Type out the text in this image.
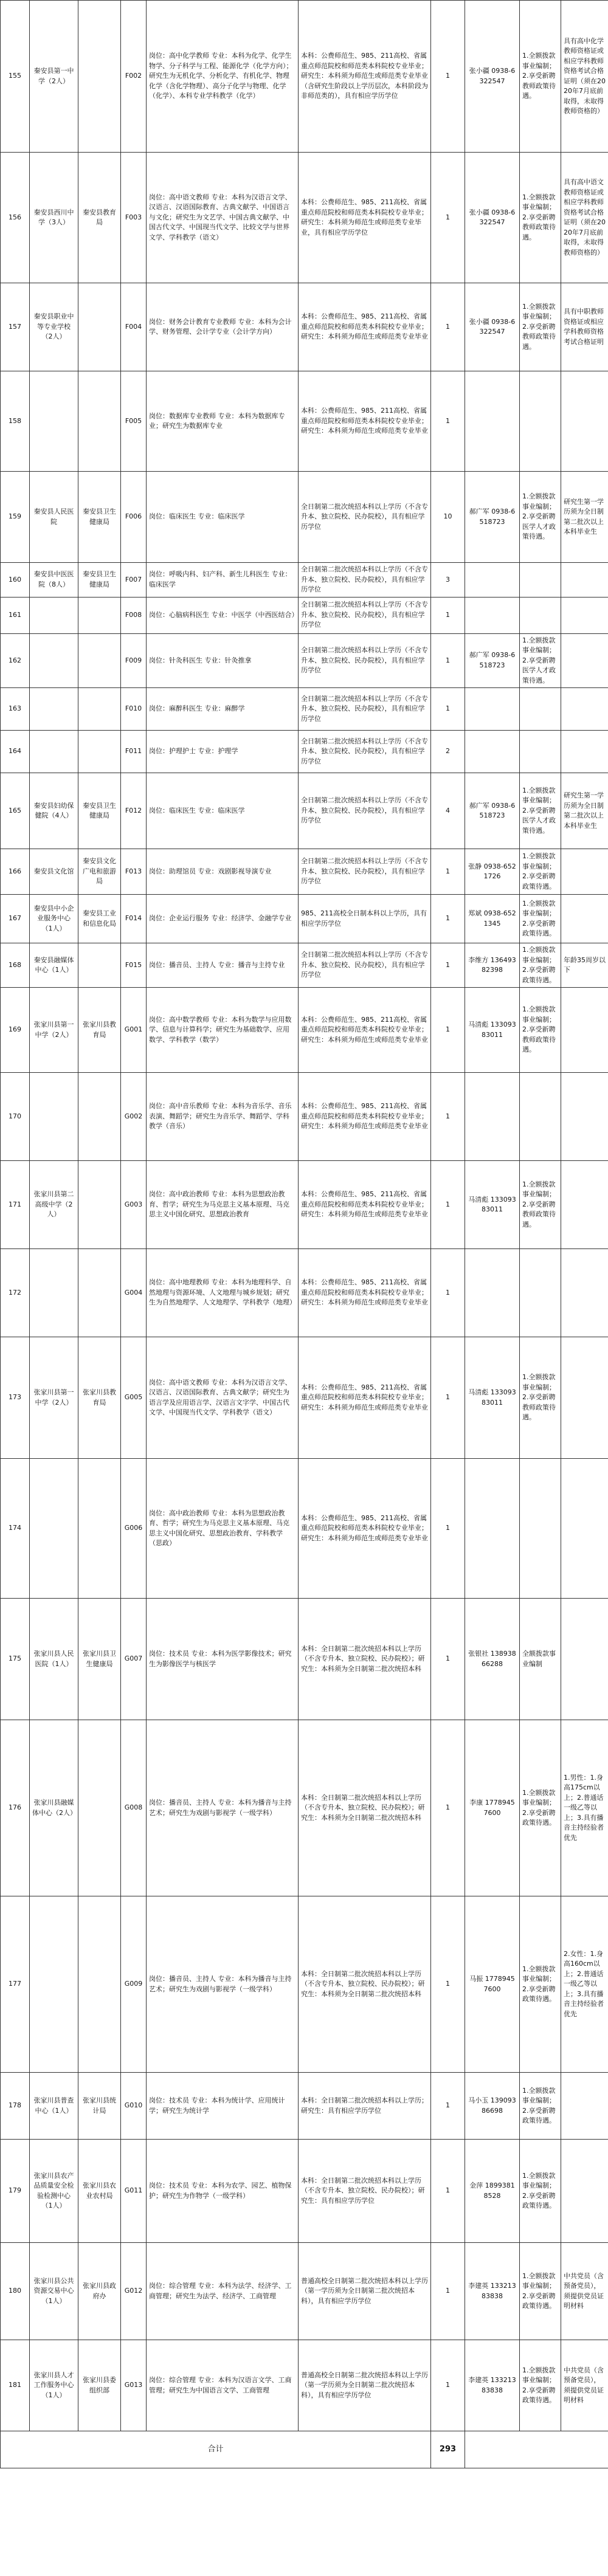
155	秦安县第一中学（2人）		F002	岗位：高中化学教师 专业：本科为化学、化学生物学、分子科学与工程、能源化学（化学方向）；研究生为无机化学、分析化学、有机化学、物理化学（含化学物理）、高分子化学与物理、化学（化学）、本科专业学科教学（化学）	本科：公费师范生、985、211高校、省属重点师范院校和师范类本科院校专业毕业；研究生：本科须为师范生或师范类专业毕业（含研究生阶段以上学历层次，本科阶段为非师范类的），具有相应学历学位	1	张小疆 0938-6322547	1.全额拨款事业编制； 2.享受新聘教师政策待遇。	具有高中化学教师资格证或相应学科教师资格考试合格证明（须在2020年7月底前取得，未取得教师资格的）
156	秦安县西川中学（3人）	秦安县教育局	F003	岗位：高中语文教师 专业：本科为汉语言文学、汉语言、汉语国际教育、古典文献学、中国语言与文化；研究生为文艺学、中国古典文献学、中国古代文学、中国现当代文学、比较文学与世界文学、学科教学（语文）	本科：公费师范生、985、211高校、省属重点师范院校和师范类本科院校专业毕业；研究生：本科须为师范生或师范类专业毕业，具有相应学历学位	1	张小疆 0938-6322547	1.全额拨款事业编制； 2.享受新聘教师政策待遇。	具有高中语文教师资格证或相应学科教师资格考试合格证明（须在2020年7月底前取得，未取得教师资格的）
157	秦安县职业中等专业学校（2人）		F004	岗位：财务会计教育专业教师 专业：本科为会计学、财务管理、会计学专业（会计学方向）	本科：公费师范生、985、211高校、省属重点师范院校和师范类本科院校专业毕业；研究生：本科须为师范生或师范类专业毕业	1	张小疆 0938-6322547	1.全额拨款事业编制； 2.享受新聘教师政策待遇。	具有中职教师资格证或相应学科教师资格考试合格证明
158			F005	岗位：数据库专业教师 专业：本科为数据库专业；研究生为数据库专业	本科：公费师范生、985、211高校、省属重点师范院校和师范类本科院校专业毕业；研究生：本科须为师范生或师范类专业毕业	1			
159	秦安县人民医院	秦安县卫生健康局	F006	岗位：临床医生 专业：临床医学	全日制第二批次统招本科以上学历（不含专升本、独立院校、民办院校），具有相应学历学位	10	郝广军 0938-6518723	1.全额拨款事业编制； 2.享受新聘医学人才政策待遇。	研究生第一学历须为全日制第二批次以上本科毕业生
160	秦安县中医医院（8人）	秦安县卫生健康局	F007	岗位：呼吸内科、妇产科、新生儿科医生 专业：临床医学	全日制第二批次统招本科以上学历（不含专升本、独立院校、民办院校），具有相应学历学位	3			
161			F008	岗位：心脑病科医生 专业：中医学（中西医结合）	全日制第二批次统招本科以上学历（不含专升本、独立院校、民办院校），具有相应学历学位	1			
162			F009	岗位：针灸科医生 专业：针灸推拿	全日制第二批次统招本科以上学历（不含专升本、独立院校、民办院校），具有相应学历学位	1	郝广军 0938-6518723	1.全额拨款事业编制； 2.享受新聘医学人才政策待遇。	
163			F010	岗位：麻醉科医生 专业：麻醉学	全日制第二批次统招本科以上学历（不含专升本、独立院校、民办院校），具有相应学历学位	1			
164			F011	岗位：护理护士 专业：护理学	全日制第二批次统招本科以上学历（不含专升本、独立院校、民办院校），具有相应学历学位	2			
165	秦安县妇幼保健院（4人）	秦安县卫生健康局	F012	岗位：临床医生 专业：临床医学	全日制第二批次统招本科以上学历（不含专升本、独立院校、民办院校），具有相应学历学位	4	郝广军 0938-6518723	1.全额拨款事业编制； 2.享受新聘医学人才政策待遇。	研究生第一学历须为全日制第二批次以上本科毕业生
166	秦安县文化馆	秦安县文化广电和旅游局	F013	岗位：助理馆员 专业：戏剧影视导演专业	全日制第二批次统招本科以上学历（不含专升本、独立院校、民办院校），具有相应学历学位	1	张静 0938-6521726	1.全额拨款事业编制； 2.享受新聘政策待遇。	
167	秦安县中小企业服务中心（1人）	秦安县工业和信息化局	F014	岗位：企业运行服务 专业：经济学、金融学专业	985、211高校全日制本科以上学历，具有相应学历学位	1	郑斌 0938-6521345	1.全额拨款事业编制； 2.享受新聘政策待遇。	
168	秦安县融媒体中心（1人）		F015	岗位：播音员、主持人 专业：播音与主持专业	全日制第二批次统招本科以上学历（不含专升本、独立院校、民办院校），具有相应学历学位	1	李维方 13649382398	1.全额拨款事业编制； 2.享受新聘政策待遇。	年龄35周岁以下
169	张家川县第一中学（2人）	张家川县教育局	G001	岗位：高中数学教师 专业：本科为数学与应用数学、信息与计算科学；研究生为基础数学、应用数学、学科教学（数学）	本科：公费师范生、985、211高校、省属重点师范院校和师范类本科院校专业毕业；研究生：本科须为师范生或师范类专业毕业	1	马清彪 13309383011	1.全额拨款事业编制； 2.享受新聘教师政策待遇。	
170			G002	岗位：高中音乐教师 专业：本科为音乐学、音乐表演、舞蹈学；研究生为音乐学、舞蹈学、学科教学（音乐）	本科：公费师范生、985、211高校、省属重点师范院校和师范类本科院校专业毕业；研究生：本科须为师范生或师范类专业毕业	1			
171	张家川县第二高级中学（2人）		G003	岗位：高中政治教师 专业：本科为思想政治教育、哲学；研究生为马克思主义基本原理、马克思主义中国化研究、思想政治教育	本科：公费师范生、985、211高校、省属重点师范院校和师范类本科院校专业毕业；研究生：本科须为师范生或师范类专业毕业	1	马清彪 13309383011	1.全额拨款事业编制； 2.享受新聘教师政策待遇。	
172			G004	岗位：高中地理教师 专业：本科为地理科学、自然地理与资源环境、人文地理与城乡规划；研究生为自然地理学、人文地理学、学科教学（地理）	本科：公费师范生、985、211高校、省属重点师范院校和师范类本科院校专业毕业；研究生：本科须为师范生或师范类专业毕业	1			
173	张家川县第一中学（2人）	张家川县教育局	G005	岗位：高中语文教师 专业：本科为汉语言文学、汉语言、汉语国际教育、古典文献学；研究生为语言学及应用语言学、汉语言文字学、中国古代文学、中国现当代文学、学科教学（语文）	本科：公费师范生、985、211高校、省属重点师范院校和师范类本科院校专业毕业；研究生：本科须为师范生或师范类专业毕业	1	马清彪 13309383011	1.全额拨款事业编制； 2.享受新聘教师政策待遇。	
174			G006	岗位：高中政治教师 专业：本科为思想政治教育、哲学；研究生为马克思主义基本原理、马克思主义中国化研究、思想政治教育、学科教学（思政）	本科：公费师范生、985、211高校、省属重点师范院校和师范类本科院校专业毕业；研究生：本科须为师范生或师范类专业毕业	1			
175	张家川县人民医院（1人）	张家川县卫生健康局	G007	岗位：技术员 专业：本科为医学影像技术；研究生为影像医学与核医学	本科：全日制第二批次统招本科以上学历（不含专升本、独立院校、民办院校）；研究生：本科须为全日制第二批次统招本科	1	张银社 13893866288	全额拨款事业编制	
176	张家川县融媒体中心（2人）		G008	岗位：播音员、主持人 专业：本科为播音与主持艺术；研究生为戏剧与影视学（一级学科）	本科：全日制第二批次统招本科以上学历（不含专升本、独立院校、民办院校）；研究生：本科须为全日制第二批次统招本科	1	李康 17789457600	1.全额拨款事业编制； 2.享受新聘政策待遇。	1.男性：1.身高175cm以上；2.普通话一级乙等以上；3.具有播音主持经验者优先
177			G009	岗位：播音员、主持人 专业：本科为播音与主持艺术；研究生为戏剧与影视学（一级学科）	本科：全日制第二批次统招本科以上学历（不含专升本、独立院校、民办院校）；研究生：本科须为全日制第二批次统招本科	1	马振 17789457600	1.全额拨款事业编制； 2.享受新聘政策待遇。	2.女性：1.身高160cm以上；2.普通话一级乙等以上；3.具有播音主持经验者优先
178	张家川县普查中心（1人）	张家川县统计局	G010	岗位：技术员 专业：本科为统计学、应用统计学；研究生为统计学	本科：全日制第二批次统招本科以上学历；研究生：具有相应学历学位	1	马小玉 13909386698	1.全额拨款事业编制； 2.享受新聘政策待遇。	
179	张家川县农产品质量安全检验检测中心（1人）	张家川县农业农村局	G011	岗位：技术员 专业：本科为农学、园艺、植物保护；研究生为作物学（一级学科）	本科：全日制第二批次统招本科以上学历（不含专升本、独立院校、民办院校）；研究生：具有相应学历学位	1	金萍 18993818528	1.全额拨款事业编制； 2.享受新聘政策待遇。	
180	张家川县公共资源交易中心（1人）	张家川县政府办	G012	岗位：综合管理 专业：本科为法学、经济学、工商管理；研究生为法学、经济学、工商管理	普通高校全日制第二批次统招本科以上学历（第一学历须为全日制第二批次统招本科），具有相应学历学位	1	李建英 13321383838	1.全额拨款事业编制； 2.享受新聘政策待遇。	中共党员（含预备党员），须提供党员证明材料
181	张家川县人才工作服务中心（1人）	张家川县委组织部	G013	岗位：综合管理 专业：本科为汉语言文学、工商管理；研究生为中国语言文学、工商管理	普通高校全日制第二批次统招本科以上学历（第一学历须为全日制第二批次统招本科），具有相应学历学位	1	李建英 13321383838	1.全额拨款事业编制； 2.享受新聘政策待遇。	中共党员（含预备党员），须提供党员证明材料
合计						293			
